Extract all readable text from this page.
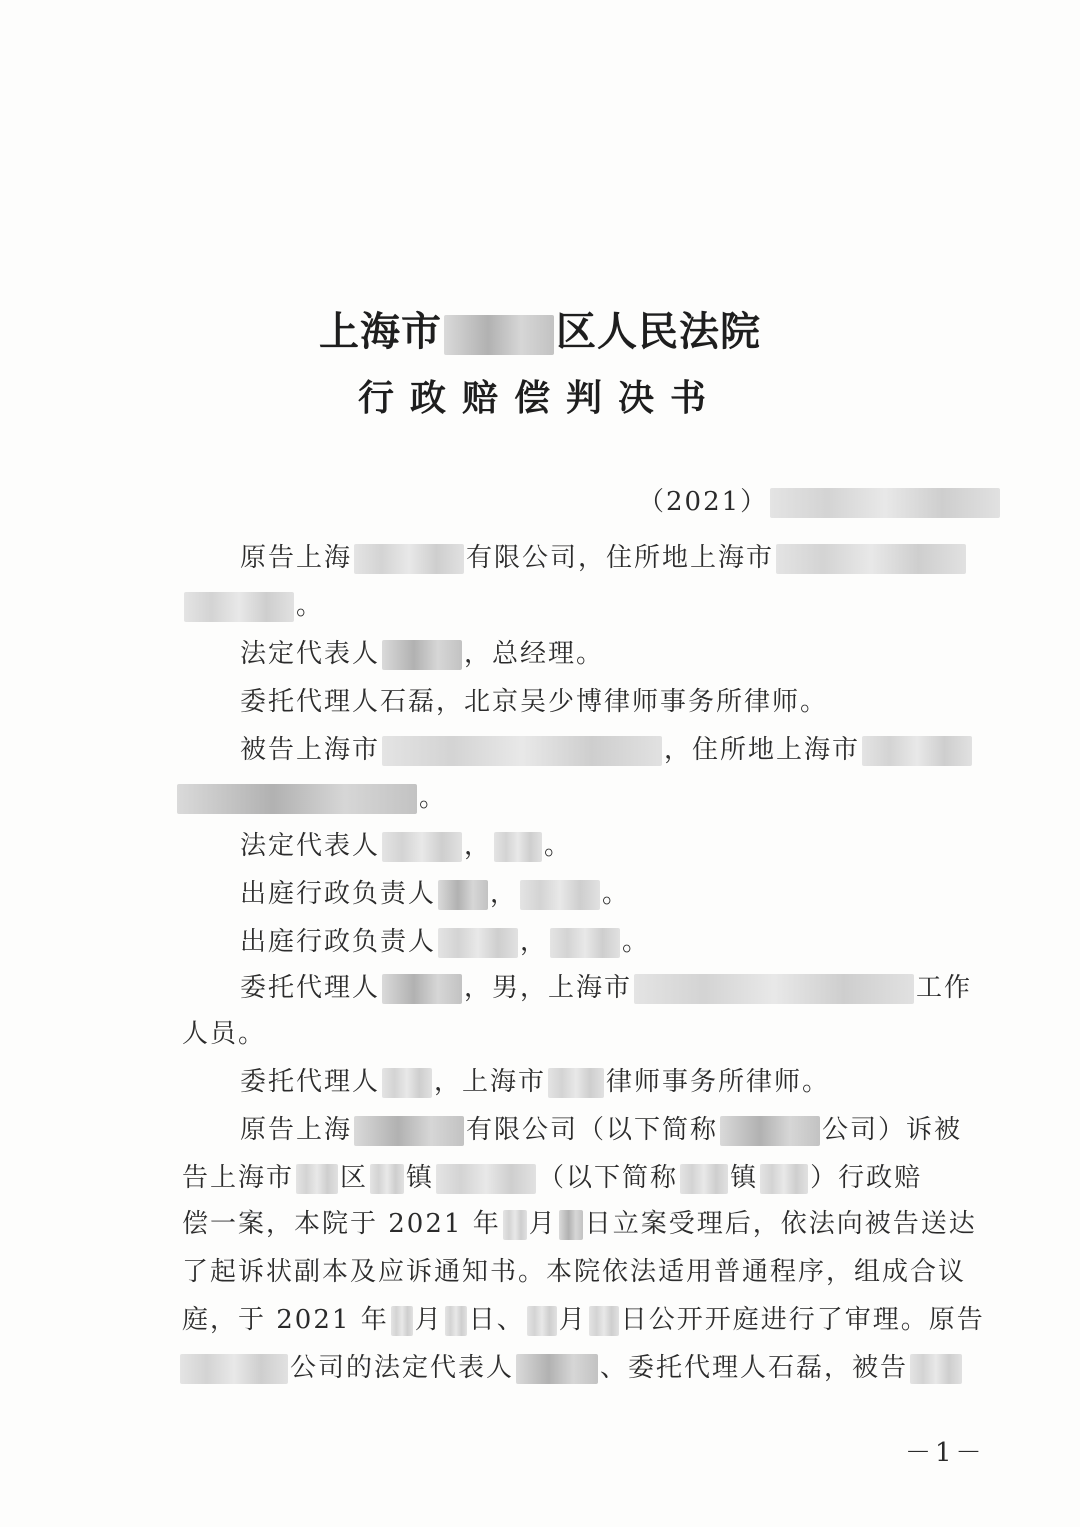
上海市	区人民法院
行政赔偿判决书
（2021）
原告上海	有限公司，住所地上海市
。
法定代表人	，总经理。
委托代理人石磊，北京吴少博律师事务所律师。
被告上海市	，住所地上海市
。
法定代表人	， 。
出庭行政负责人 ，	。
出庭行政负责人	，	。
委托代理人	，男，上海市	工作
人员。
委托代理人 ，上海市 律师事务所律师。
原告上海	有限公司（以下简称	公司）诉被
告上海市 区 镇	（以下简称 镇 ）行政赔
偿一案，本院于 2021 年 月 日立案受理后，依法向被告送达
了起诉状副本及应诉通知书。本院依法适用普通程序，组成合议
庭，于 2021 年 月 日、 月 日公开开庭进行了审理。原告
公司的法定代表人	、委托代理人石磊，被告
－1－
